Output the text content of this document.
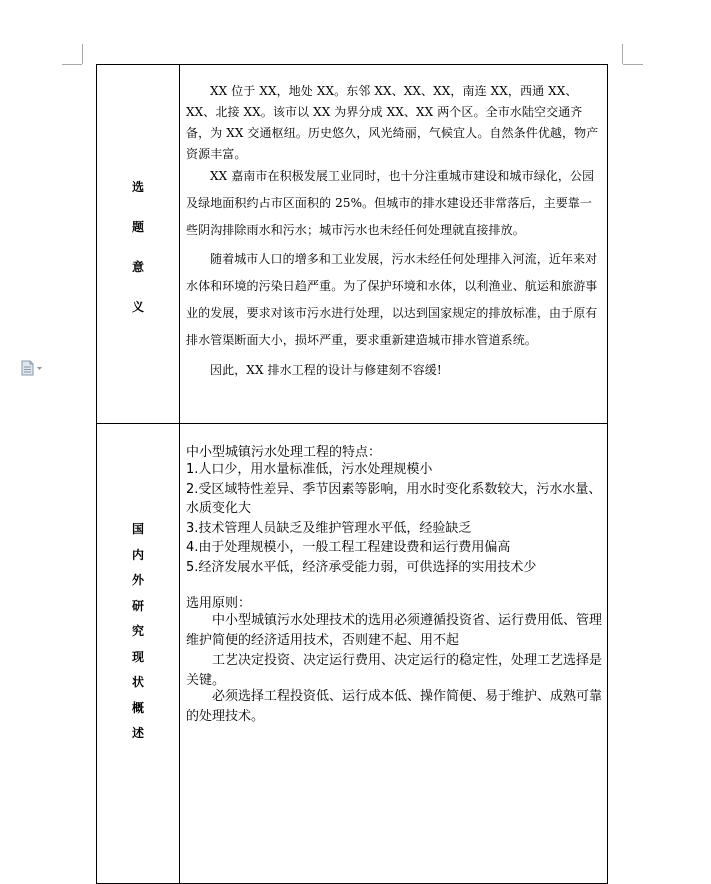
选
题
意
义

XX 位于 XX，地处 XX。东邻 XX、XX、XX，南连 XX，西通 XX、XX、北接 XX。该市以 XX 为界分成 XX、XX 两个区。全市水陆空交通齐备，为 XX 交通枢纽。历史悠久，风光绮丽，气候宜人。自然条件优越，物产资源丰富。

XX 嘉南市在积极发展工业同时，也十分注重城市建设和城市绿化，公园及绿地面积约占市区面积的 25%。但城市的排水建设还非常落后，主要靠一些阴沟排除雨水和污水；城市污水也未经任何处理就直接排放。

随着城市人口的增多和工业发展，污水未经任何处理排入河流，近年来对水体和环境的污染日趋严重。为了保护环境和水体，以利渔业、航运和旅游事业的发展，要求对该市污水进行处理，以达到国家规定的排放标准，由于原有排水管渠断面大小，损坏严重，要求重新建造城市排水管道系统。

因此，XX 排水工程的设计与修建刻不容缓!

国
内
外
研
究
现
状
概
述

中小型城镇污水处理工程的特点：

1.人口少，用水量标准低，污水处理规模小
2.受区域特性差异、季节因素等影响，用水时变化系数较大，污水水量、水质变化大
3.技术管理人员缺乏及维护管理水平低，经验缺乏
4.由于处理规模小，一般工程工程建设费和运行费用偏高
5.经济发展水平低，经济承受能力弱，可供选择的实用技术少

选用原则：

中小型城镇污水处理技术的选用必须遵循投资省、运行费用低、管理维护简便的经济适用技术，否则建不起、用不起

工艺决定投资、决定运行费用、决定运行的稳定性，处理工艺选择是关键。

必须选择工程投资低、运行成本低、操作简便、易于维护、成熟可靠的处理技术。
